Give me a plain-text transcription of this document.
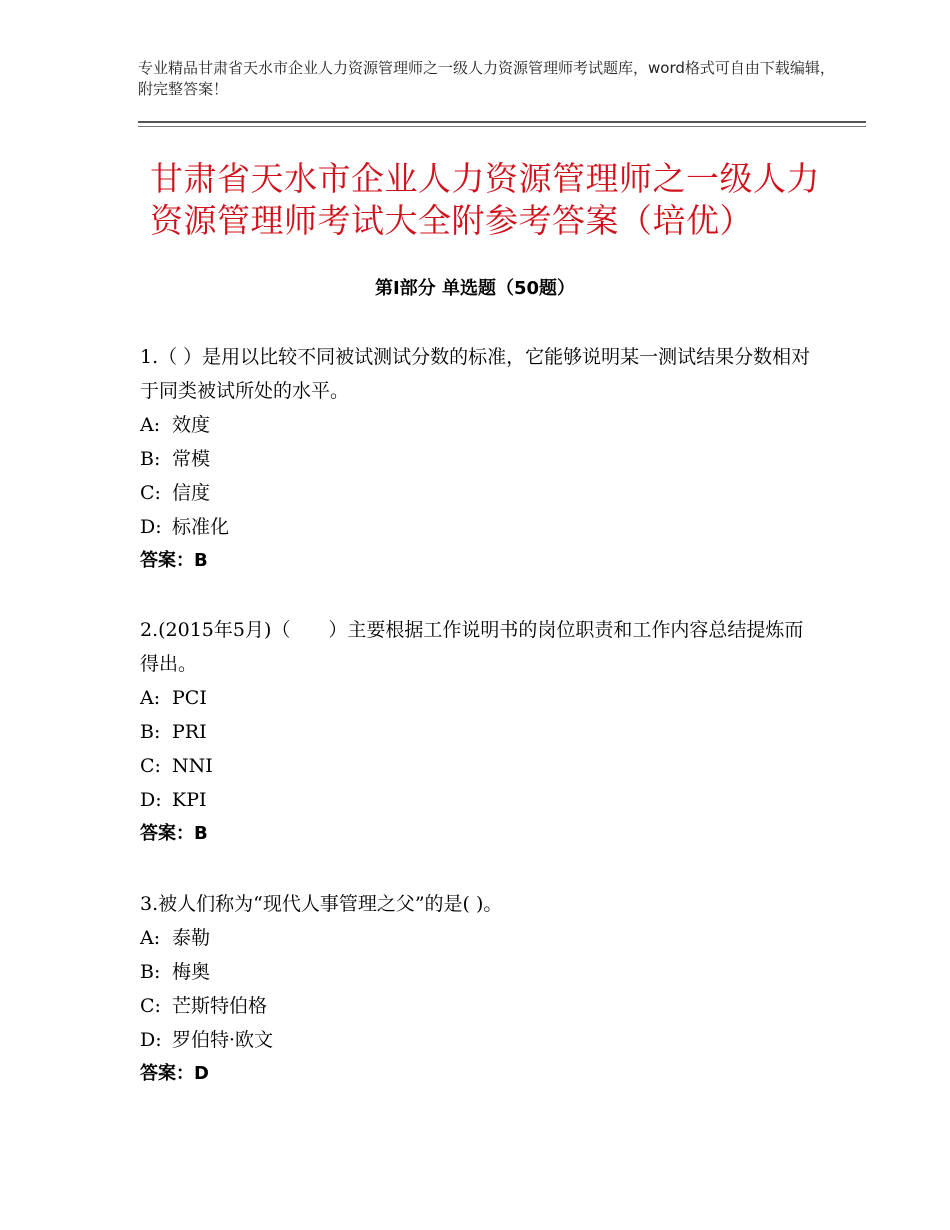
专业精品甘肃省天水市企业人力资源管理师之一级人力资源管理师考试题库，word格式可自由下载编辑，附完整答案！
甘肃省天水市企业人力资源管理师之一级人力资源管理师考试大全附参考答案（培优）
第Ⅰ部分 单选题（50题）

1.（ ）是用以比较不同被试测试分数的标准，它能够说明某一测试结果分数相对于同类被试所处的水平。

A: 效度

B: 常模

C: 信度

D: 标准化

答案：B

2.(2015年5月)（　　）主要根据工作说明书的岗位职责和工作内容总结提炼而得出。

A: PCI

B: PRI

C: NNI

D: KPI

答案：B

3.被人们称为“现代人事管理之父”的是( )。

A: 泰勒

B: 梅奥

C: 芒斯特伯格

D: 罗伯特·欧文

答案：D
